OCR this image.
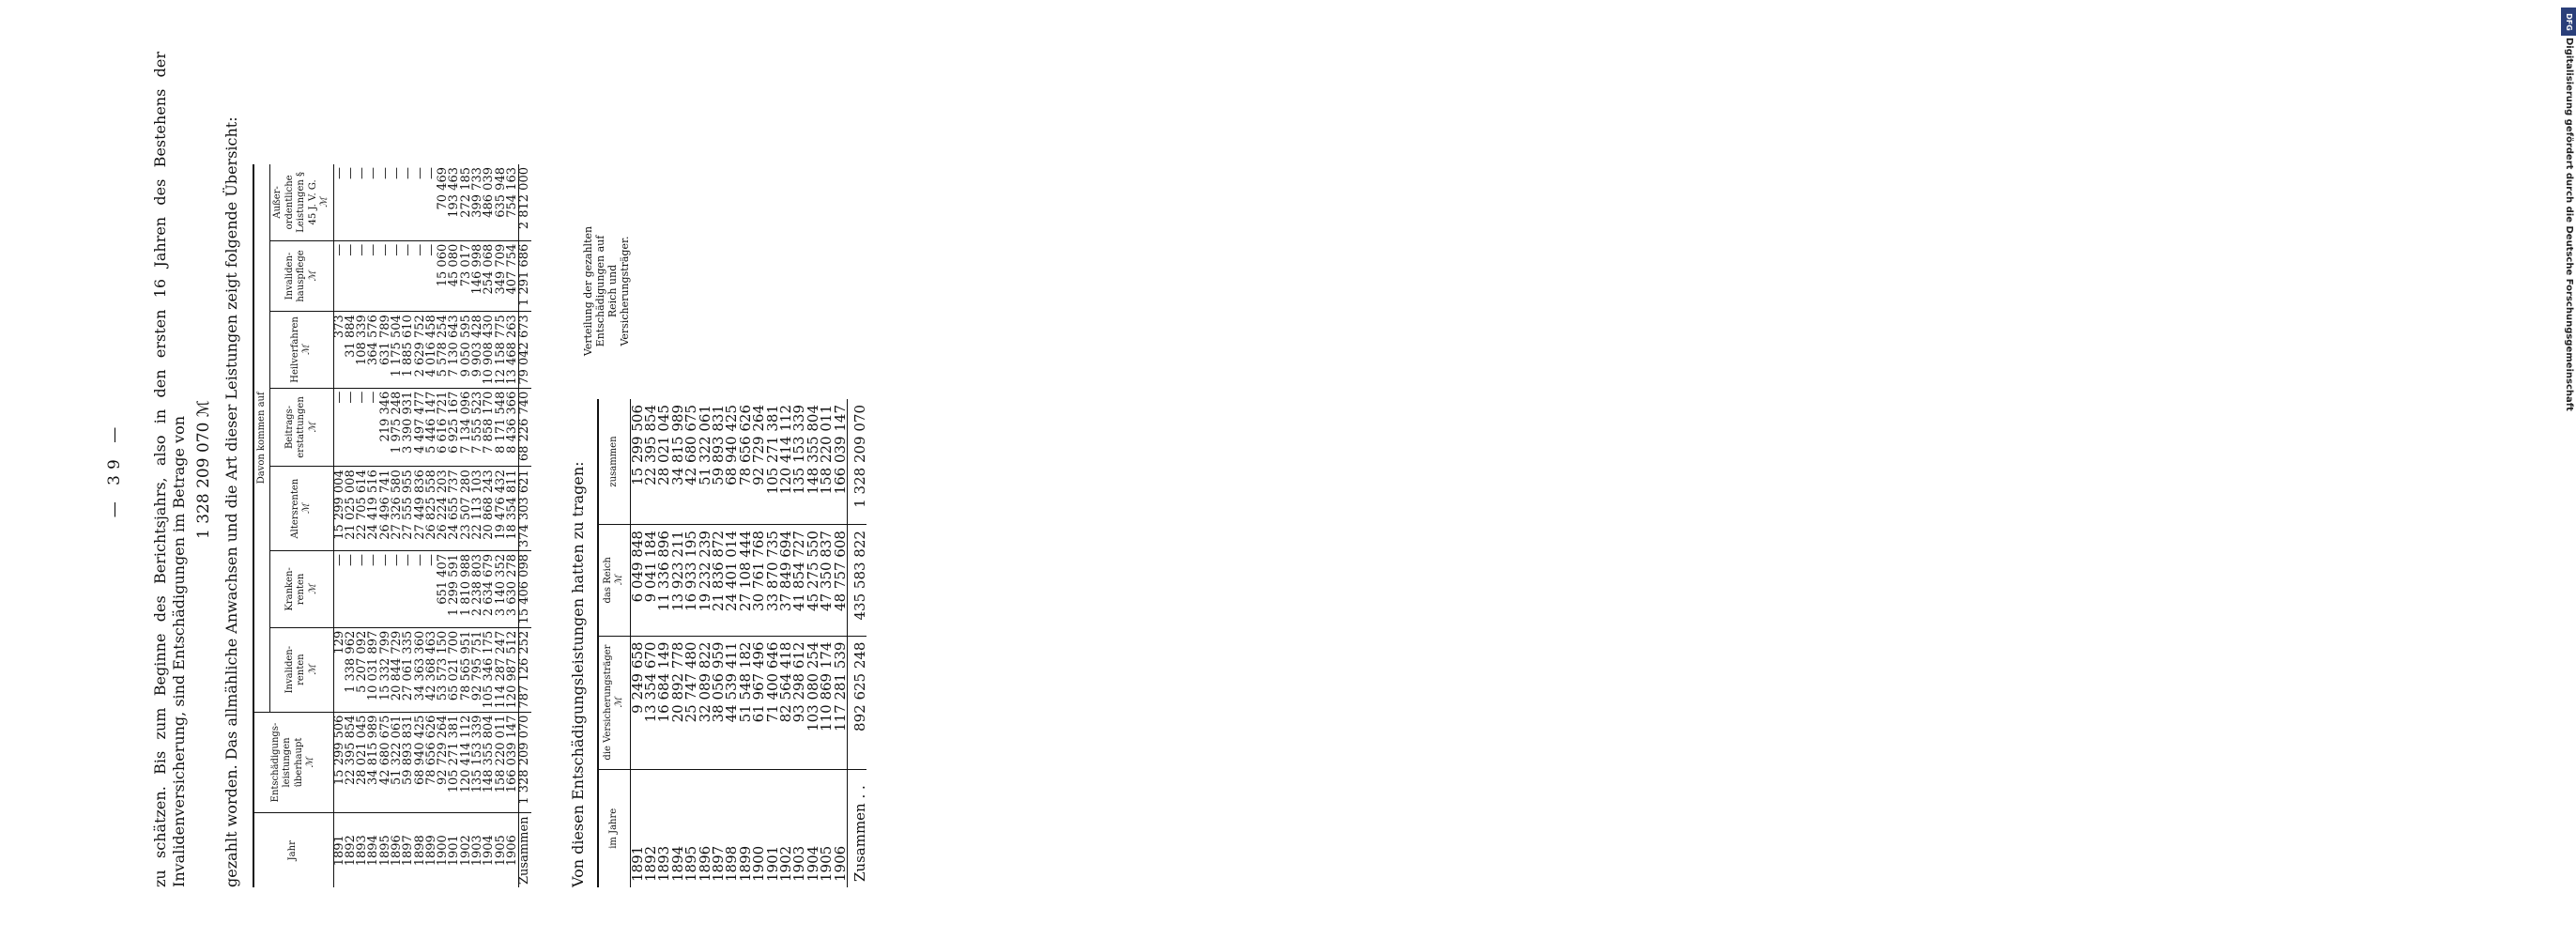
DFG
Digitalisierung gefördert durch die Deutsche Forschungsgemeinschaft
— 39 — zu schätzen. Bis zum Beginne des Berichtsjahrs, also in den ersten 16 Jahren des Bestehens der Invalidenversicherung, sind Entschädigungen im Betrage von 1 328 209 070 ℳ gezahlt worden. Das allmähliche Anwachsen und die Art dieser Leistungen zeigt folgende Übersicht:	Jahr	Entschädigungs-leistungen überhaupt ℳ	Davon kommen auf						
		Invaliden-renten ℳ	Kranken-renten ℳ	Altersrenten ℳ	Beitrags-erstattungen ℳ	Heilverfahren ℳ	Invaliden-hauspflege ℳ	Außer-ordentliche Leistungen § 45 J. V. G. ℳ
1891	15 299 506	129	—	15 299 004	—	373	—	—
1892	22 395 854	1 338 962	—	21 025 008	—	31 884	—	—
1893	28 021 045	5 207 092	—	22 705 614	—	108 339	—	—
1894	34 815 989	10 031 897	—	24 419 516	—	364 576	—	—
1895	42 680 675	15 332 799	—	26 496 741	219 346	631 789	—	—
1896	51 322 061	20 844 729	—	27 326 580	1 975 248	1 175 504	—	—
1897	59 893 831	27 061 335	—	27 555 955	3 390 931	1 885 610	—	—
1898	68 940 425	34 363 360	—	27 449 836	4 497 477	2 629 752	—	—
1899	78 656 626	42 368 463	—	26 825 558	5 446 147	4 016 458	—	—
1900	92 729 264	53 573 150	651 407	26 224 203	6 616 721	5 578 254	15 060	70 469
1901	105 271 381	65 021 700	1 299 591	24 655 737	6 925 167	7 130 643	45 080	193 463
1902	120 414 112	78 565 951	1 810 988	23 507 280	7 134 096	9 050 595	73 017	272 185
1903	135 153 339	92 795 751	2 238 803	22 113 103	7 555 523	9 903 428	146 998	399 733
1904	148 355 804	105 346 175	2 634 679	20 868 243	7 858 170	10 908 430	254 068	486 039
1905	158 220 011	114 287 247	3 140 352	19 476 432	8 171 548	12 158 775	349 709	635 948
1906	166 039 147	120 987 512	3 630 278	18 354 811	8 436 366	13 468 263	407 754	754 163
Zusammen	1 328 209 070	787 126 252	15 406 098	374 303 621	68 226 740	79 042 673	1 291 686	2 812 000
Von diesen Entschädigungsleistungen hatten zu tragen: im Jahre	die Versicherungsträger ℳ	das Reich ℳ	zusammen
1891	9 249 658	6 049 848	15 299 506
1892	13 354 670	9 041 184	22 395 854
1893	16 684 149	11 336 896	28 021 045
1894	20 892 778	13 923 211	34 815 989
1895	25 747 480	16 933 195	42 680 675
1896	32 089 822	19 232 239	51 322 061
1897	38 056 959	21 836 872	59 893 831
1898	44 539 411	24 401 014	68 940 425
1899	51 548 182	27 108 444	78 656 626
1900	61 967 496	30 761 768	92 729 264
1901	71 400 646	33 870 735	105 271 381
1902	82 564 418	37 849 694	120 414 112
1903	93 298 612	41 854 727	135 153 339
1904	103 080 254	45 275 550	148 355 804
1905	110 869 174	47 350 837	158 220 011
1906	117 281 539	48 757 608	166 039 147
Zusammen . .	892 625 248	435 583 822	1 328 209 070
Verteilung der gezahlten Entschädigungen auf Reich und Versicherungsträger.
